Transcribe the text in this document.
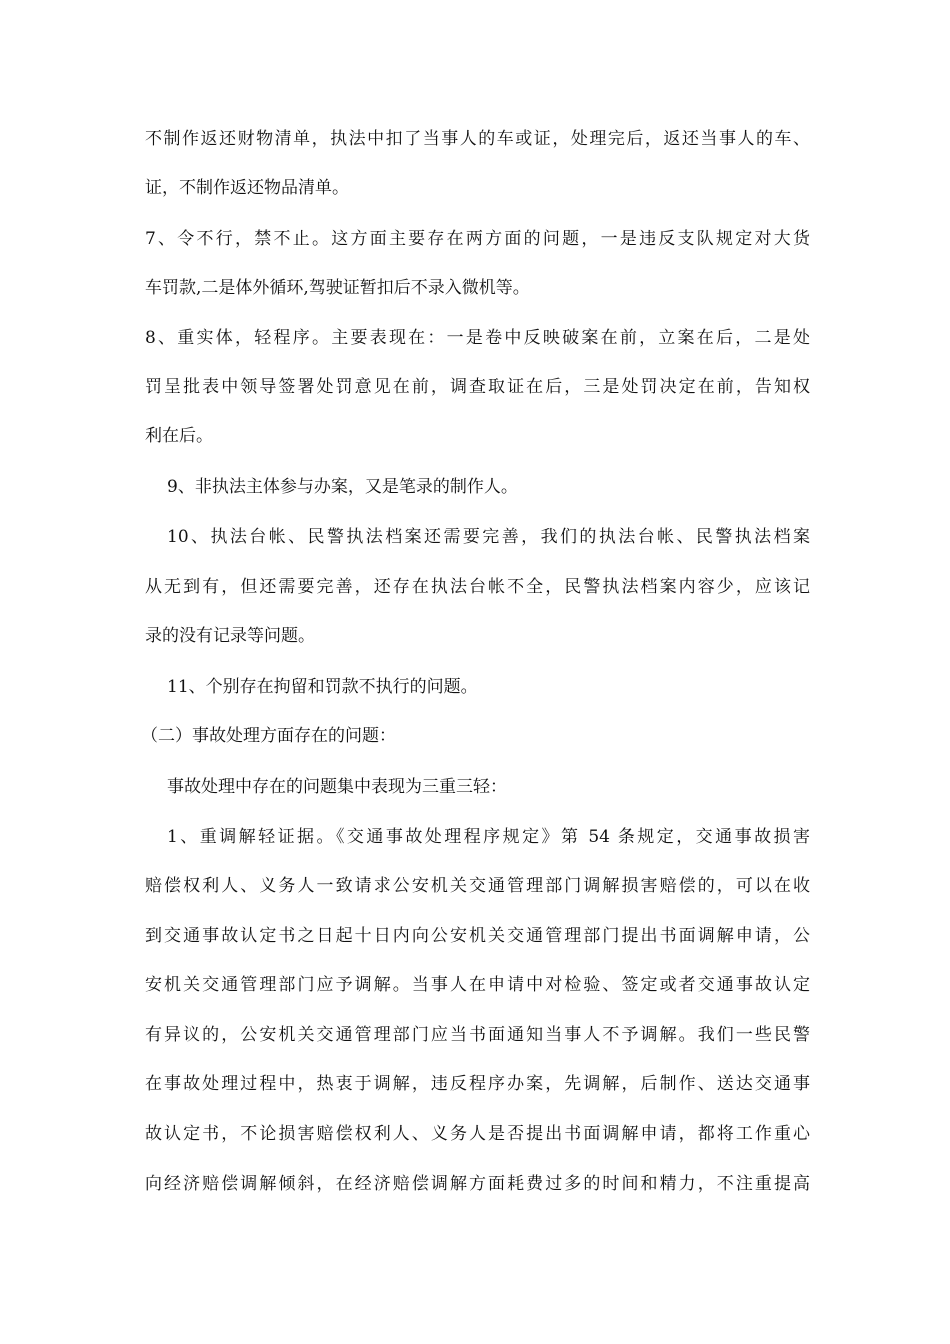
不制作返还财物清单，执法中扣了当事人的车或证，处理完后，返还当事人的车、
证，不制作返还物品清单。
7、令不行，禁不止。这方面主要存在两方面的问题，一是违反支队规定对大货
车罚款,二是体外循环,驾驶证暂扣后不录入微机等。
8、重实体，轻程序。主要表现在：一是卷中反映破案在前，立案在后，二是处
罚呈批表中领导签署处罚意见在前，调查取证在后，三是处罚决定在前，告知权
利在后。
9、非执法主体参与办案，又是笔录的制作人。
10、执法台帐、民警执法档案还需要完善，我们的执法台帐、民警执法档案
从无到有，但还需要完善，还存在执法台帐不全，民警执法档案内容少，应该记
录的没有记录等问题。
11、个别存在拘留和罚款不执行的问题。
（二）事故处理方面存在的问题：
事故处理中存在的问题集中表现为三重三轻：
1、重调解轻证据。《交通事故处理程序规定》第 54 条规定，交通事故损害
赔偿权利人、义务人一致请求公安机关交通管理部门调解损害赔偿的，可以在收
到交通事故认定书之日起十日内向公安机关交通管理部门提出书面调解申请，公
安机关交通管理部门应予调解。当事人在申请中对检验、签定或者交通事故认定
有异议的，公安机关交通管理部门应当书面通知当事人不予调解。我们一些民警
在事故处理过程中，热衷于调解，违反程序办案，先调解，后制作、送达交通事
故认定书，不论损害赔偿权利人、义务人是否提出书面调解申请，都将工作重心
向经济赔偿调解倾斜，在经济赔偿调解方面耗费过多的时间和精力，不注重提高
